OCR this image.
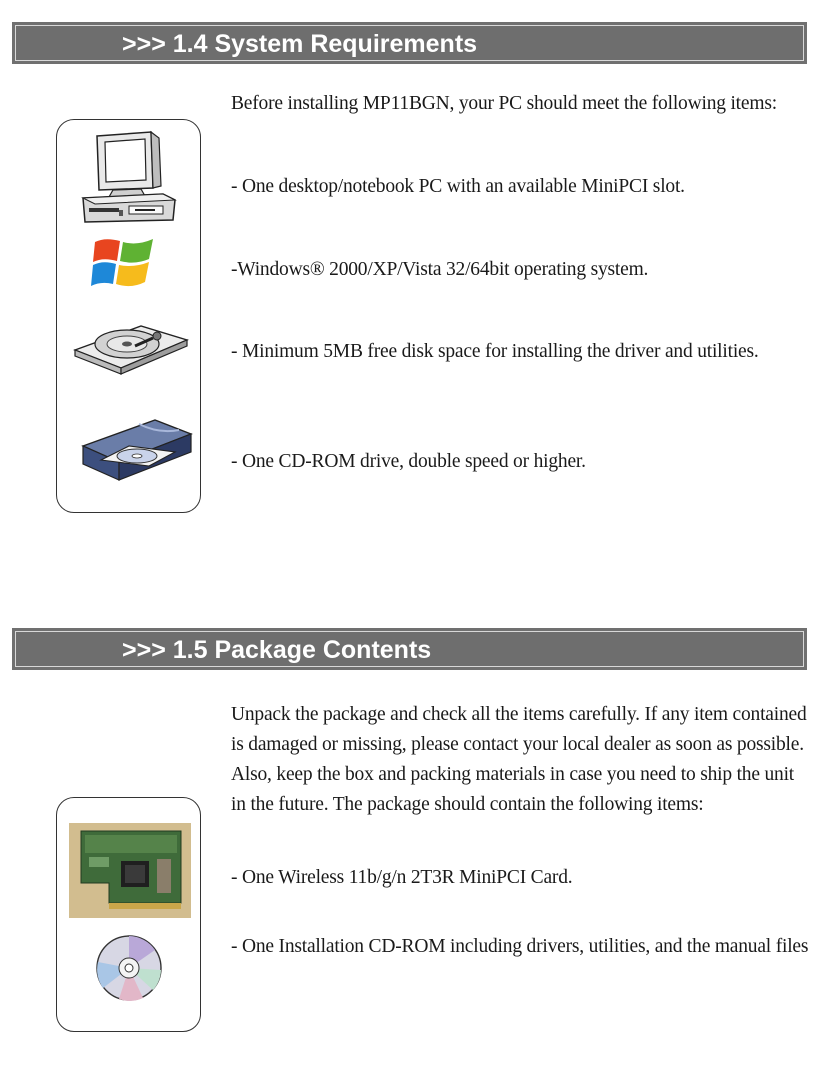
>>> 1.4 System Requirements

Before installing MP11BGN, your PC should meet the following items:

- One desktop/notebook PC with an available MiniPCI slot.

-Windows® 2000/XP/Vista 32/64bit operating system.

- Minimum 5MB free disk space for installing the driver and utilities.

- One CD-ROM drive, double speed or higher.

>>> 1.5 Package Contents

Unpack the package and check all the items carefully. If any item contained is damaged or missing, please contact your local dealer as soon as possible. Also, keep the box and packing materials in case you need to ship the unit in the future. The package should contain the following items:

- One Wireless 11b/g/n 2T3R MiniPCI Card.

- One Installation CD-ROM including drivers, utilities, and the manual files
